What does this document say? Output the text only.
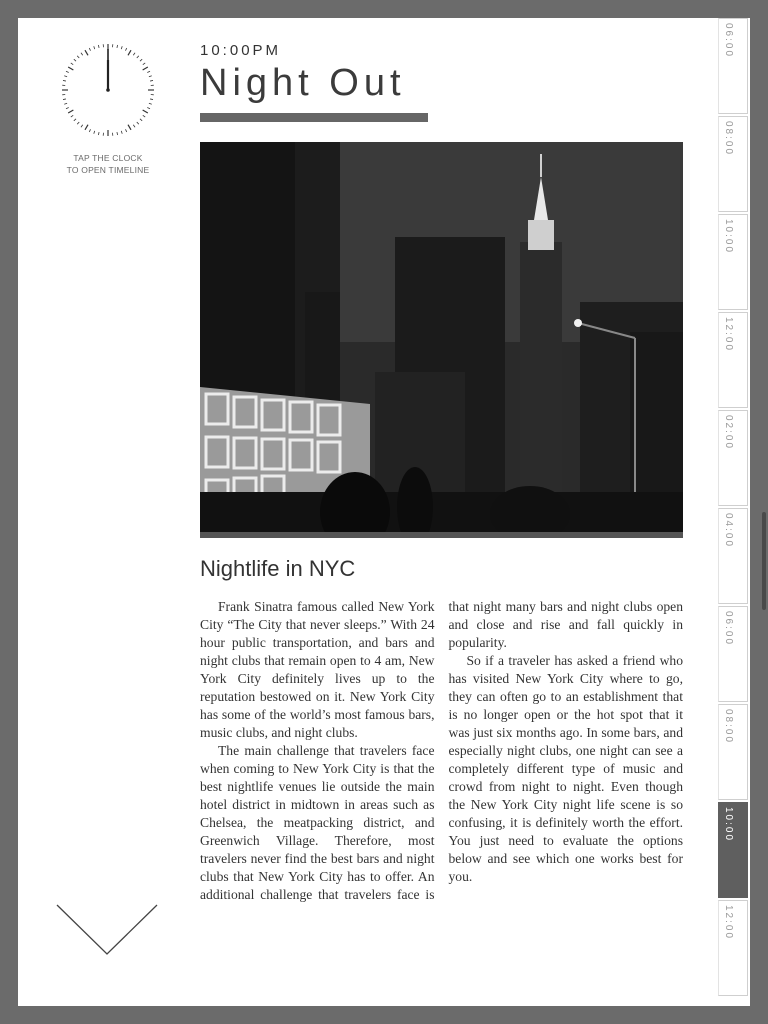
TAP THE CLOCK
TO OPEN TIMELINE
10:00PM
Night Out
Nightlife in NYC

Frank Sinatra famous called New York City “The City that never sleeps.” With 24 hour public transportation, and bars and night clubs that remain open to 4 am, New York City definitely lives up to the reputation bestowed on it. New York City has some of the world’s most famous bars, music clubs, and night clubs.

The main challenge that travelers face when coming to New York City is that the best nightlife venues lie outside the main hotel district in midtown in areas such as Chelsea, the meatpacking district, and Greenwich Village. Therefore, most travelers never find the best bars and night clubs that New York City has to offer. An additional challenge that travelers face is that night many bars and night clubs open and close and rise and fall quickly in popularity.

So if a traveler has asked a friend who has visited New York City where to go, they can often go to an establishment that is no longer open or the hot spot that it was just six months ago. In some bars, and especially night clubs, one night can see a completely different type of music and crowd from night to night. Even though the New York City night life scene is so confusing, it is definitely worth the effort. You just need to evaluate the options below and see which one works best for you.

06:00
08:00
10:00
12:00
02:00
04:00
06:00
08:00
10:00
12:00
